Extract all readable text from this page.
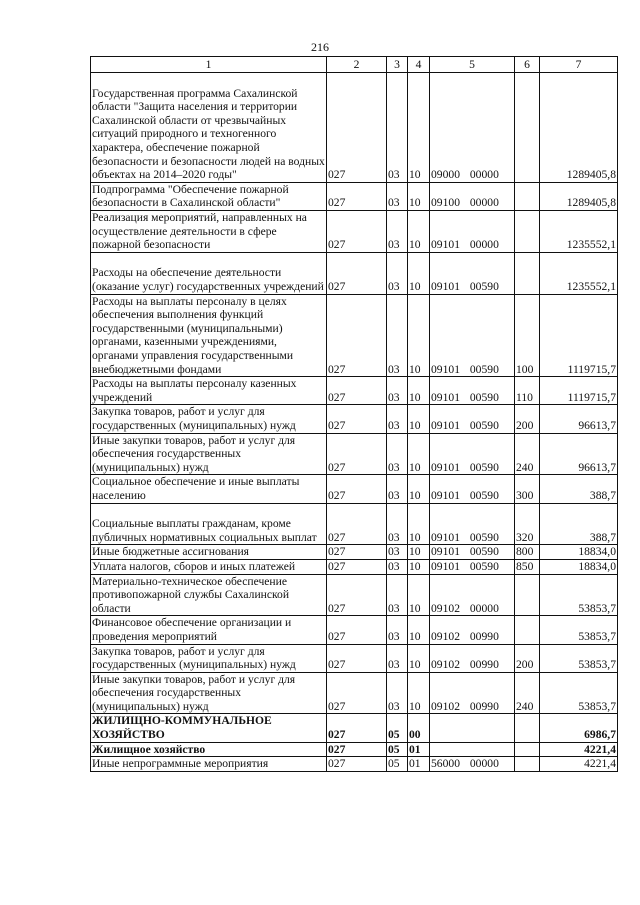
216
1	2	3	4	5	6	7
Государственная программа Сахалинской области "Защита населения и территории Сахалинской области от чрезвычайных ситуаций природного и техногенного характера, обеспечение пожарной безопасности и безопасности людей на водных объектах на 2014–2020 годы"	027	03	10	09000 00000		1289405,8
Подпрограмма "Обеспечение пожарной безопасности в Сахалинской области"	027	03	10	09100 00000		1289405,8
Реализация мероприятий, направленных на осуществление деятельности в сфере пожарной безопасности	027	03	10	09101 00000		1235552,1
Расходы на обеспечение деятельности (оказание услуг) государственных учреждений	027	03	10	09101 00590		1235552,1
Расходы на выплаты персоналу в целях обеспечения выполнения функций государственными (муниципальными) органами, казенными учреждениями, органами управления государственными внебюджетными фондами	027	03	10	09101 00590	100	1119715,7
Расходы на выплаты персоналу казенных учреждений	027	03	10	09101 00590	110	1119715,7
Закупка товаров, работ и услуг для государственных (муниципальных) нужд	027	03	10	09101 00590	200	96613,7
Иные закупки товаров, работ и услуг для обеспечения государственных (муниципальных) нужд	027	03	10	09101 00590	240	96613,7
Социальное обеспечение и иные выплаты населению	027	03	10	09101 00590	300	388,7
Социальные выплаты гражданам, кроме публичных нормативных социальных выплат	027	03	10	09101 00590	320	388,7
Иные бюджетные ассигнования	027	03	10	09101 00590	800	18834,0
Уплата налогов, сборов и иных платежей	027	03	10	09101 00590	850	18834,0
Материально-техническое обеспечение противопожарной службы Сахалинской области	027	03	10	09102 00000		53853,7
Финансовое обеспечение организации и проведения мероприятий	027	03	10	09102 00990		53853,7
Закупка товаров, работ и услуг для государственных (муниципальных) нужд	027	03	10	09102 00990	200	53853,7
Иные закупки товаров, работ и услуг для обеспечения государственных (муниципальных) нужд	027	03	10	09102 00990	240	53853,7
ЖИЛИЩНО-КОММУНАЛЬНОЕ ХОЗЯЙСТВО	027	05	00			6986,7
Жилищное хозяйство	027	05	01			4221,4
Иные непрограммные мероприятия	027	05	01	56000 00000		4221,4
